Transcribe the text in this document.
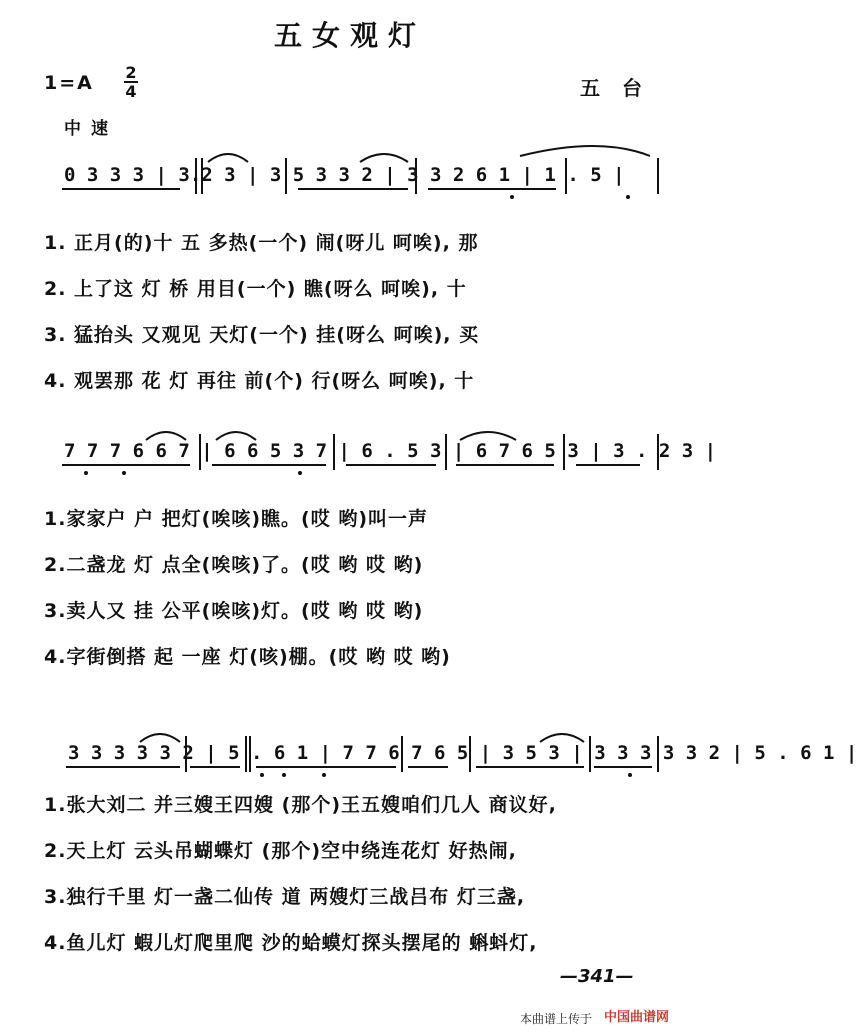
五女观灯
1=A 2
4	五台
中速
0 3 3 3 | 3.2 3 | 3 5 3 3 2 | 3 3 2 6 1 | 1 . 5 |
1. 正月(的)十 五 多热(一个) 闹(呀儿 呵唉), 那
2. 上了这 灯 桥 用目(一个) 瞧(呀么 呵唉), 十
3. 猛抬头 又观见 天灯(一个) 挂(呀么 呵唉), 买
4. 观罢那 花 灯 再往 前(个) 行(呀么 呵唉), 十
7 7 7 6 6 7 | 6 6 5 3 7 | 6 . 5 3 | 6 7 6 5 3 | 3 . 2 3 |
1.家家户 户 把灯(唉咳)瞧。(哎 哟)叫一声
2.二盏龙 灯 点全(唉咳)了。(哎 哟 哎 哟)
3.卖人又 挂 公平(唉咳)灯。(哎 哟 哎 哟)
4.字街倒搭 起 一座 灯(咳)棚。(哎 哟 哎 哟)
3 3 3 3 3 2 | 5 . 6 1 | 7 7 6 7 6 5 | 3 5 3 | 3 3 3 3 3 2 | 5 . 6 1 |
1.张大刘二 并三嫂王四嫂 (那个)王五嫂咱们几人 商议好,
2.天上灯 云头吊蝴蝶灯 (那个)空中绕连花灯 好热闹,
3.独行千里 灯一盏二仙传 道 两嫂灯三战吕布 灯三盏,
4.鱼儿灯 蝦儿灯爬里爬 沙的蛤蟆灯探头摆尾的 蝌蚪灯,
—341—
本曲谱上传于 中国曲谱网
